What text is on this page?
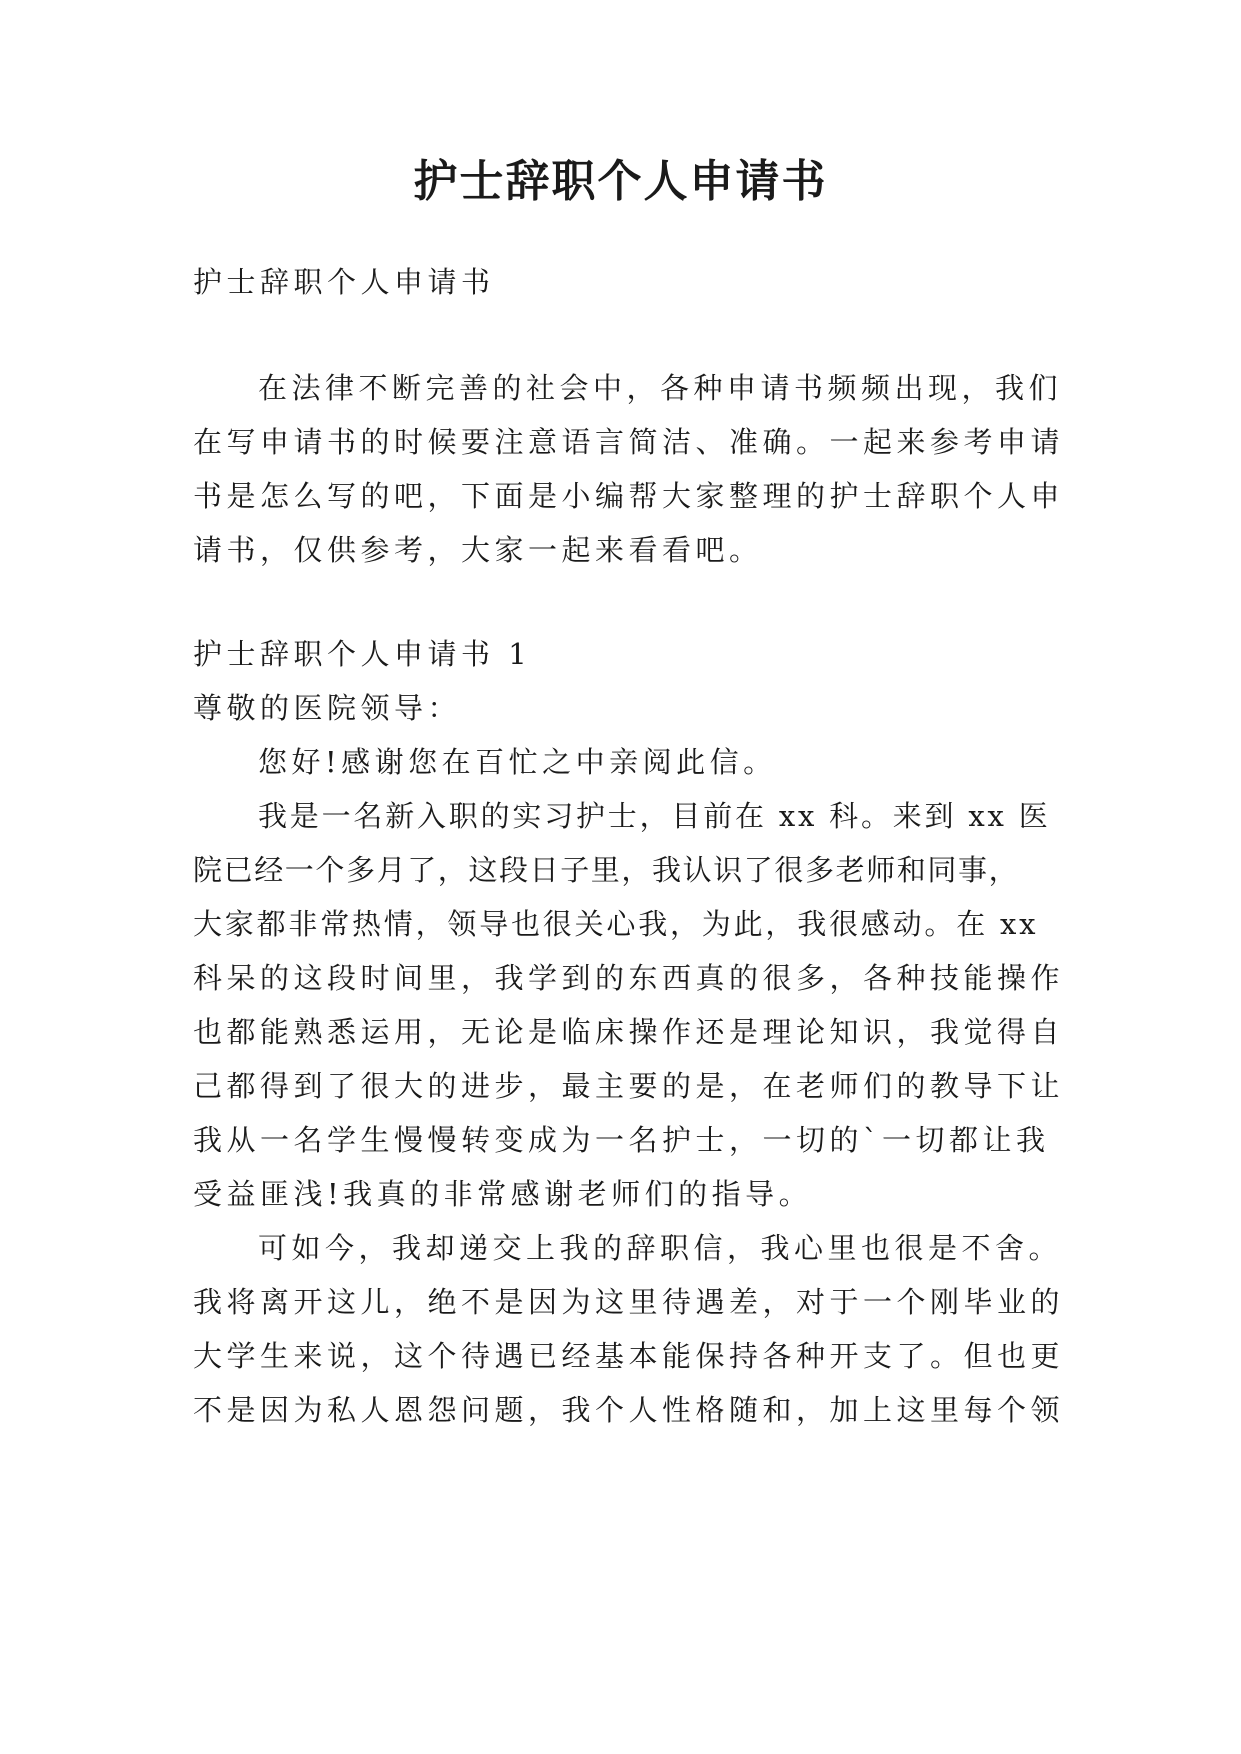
护士辞职个人申请书
护士辞职个人申请书
在法律不断完善的社会中，各种申请书频频出现，我们
在写申请书的时候要注意语言简洁、准确。一起来参考申请
书是怎么写的吧，下面是小编帮大家整理的护士辞职个人申
请书，仅供参考，大家一起来看看吧。
护士辞职个人申请书 1
尊敬的医院领导：
您好!感谢您在百忙之中亲阅此信。
我是一名新入职的实习护士，目前在 xx 科。来到 xx 医
院已经一个多月了，这段日子里，我认识了很多老师和同事，
大家都非常热情，领导也很关心我，为此，我很感动。在 xx
科呆的这段时间里，我学到的东西真的很多，各种技能操作
也都能熟悉运用，无论是临床操作还是理论知识，我觉得自
己都得到了很大的进步，最主要的是，在老师们的教导下让
我从一名学生慢慢转变成为一名护士，一切的`一切都让我
受益匪浅!我真的非常感谢老师们的指导。
可如今，我却递交上我的辞职信，我心里也很是不舍。
我将离开这儿，绝不是因为这里待遇差，对于一个刚毕业的
大学生来说，这个待遇已经基本能保持各种开支了。但也更
不是因为私人恩怨问题，我个人性格随和，加上这里每个领
